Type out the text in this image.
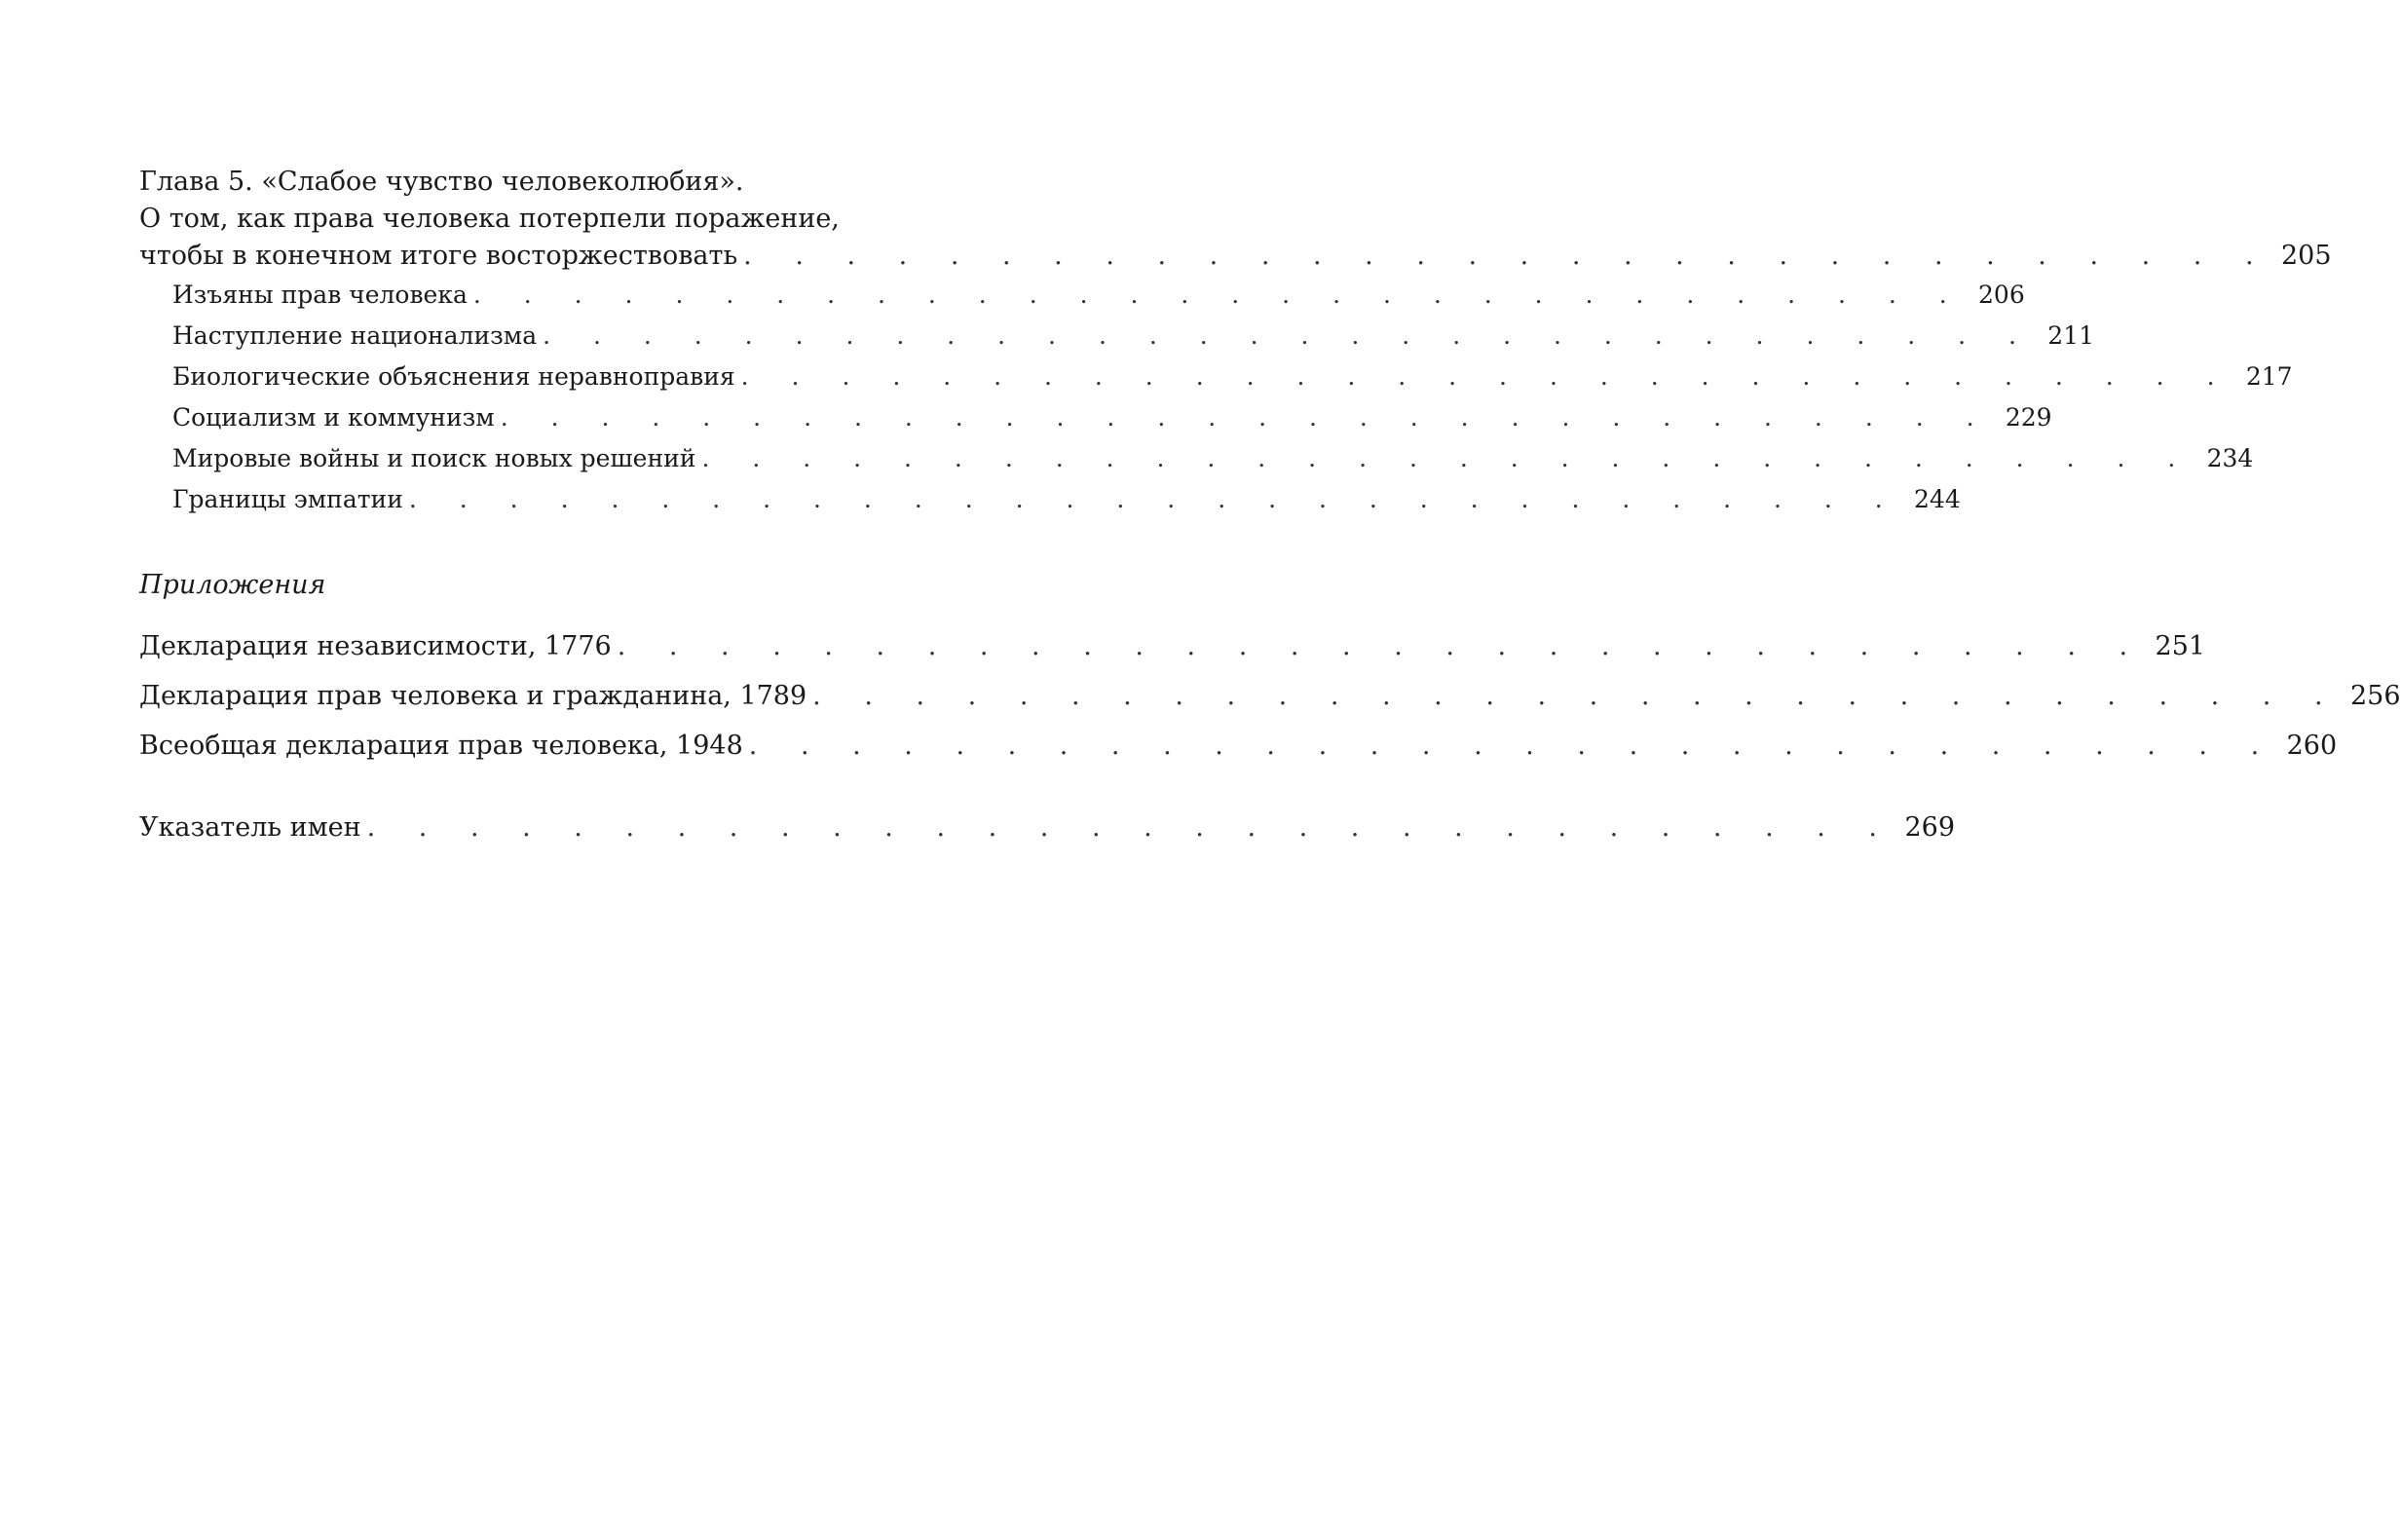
Глава 5. «Слабое чувство человеколюбия».
О том, как права человека потерпели поражение,
чтобы в конечном итоге восторжествовать . . . . . . . . . . . . . . . . . . . . . . . . . . . . . . 205
Изъяны прав человека . . . . . . . . . . . . . . . . . . . . . . . . . . . . . . 206
Наступление национализма . . . . . . . . . . . . . . . . . . . . . . . . . . . . . . 211
Биологические объяснения неравноправия . . . . . . . . . . . . . . . . . . . . . . . . . . . . . . 217
Социализм и коммунизм . . . . . . . . . . . . . . . . . . . . . . . . . . . . . . 229
Мировые войны и поиск новых решений . . . . . . . . . . . . . . . . . . . . . . . . . . . . . . 234
Границы эмпатии . . . . . . . . . . . . . . . . . . . . . . . . . . . . . . 244
Приложения
Декларация независимости, 1776 . . . . . . . . . . . . . . . . . . . . . . . . . . . . . . 251
Декларация прав человека и гражданина, 1789 . . . . . . . . . . . . . . . . . . . . . . . . . . . . . . 256
Всеобщая декларация прав человека, 1948 . . . . . . . . . . . . . . . . . . . . . . . . . . . . . . 260
Указатель имен . . . . . . . . . . . . . . . . . . . . . . . . . . . . . . 269
